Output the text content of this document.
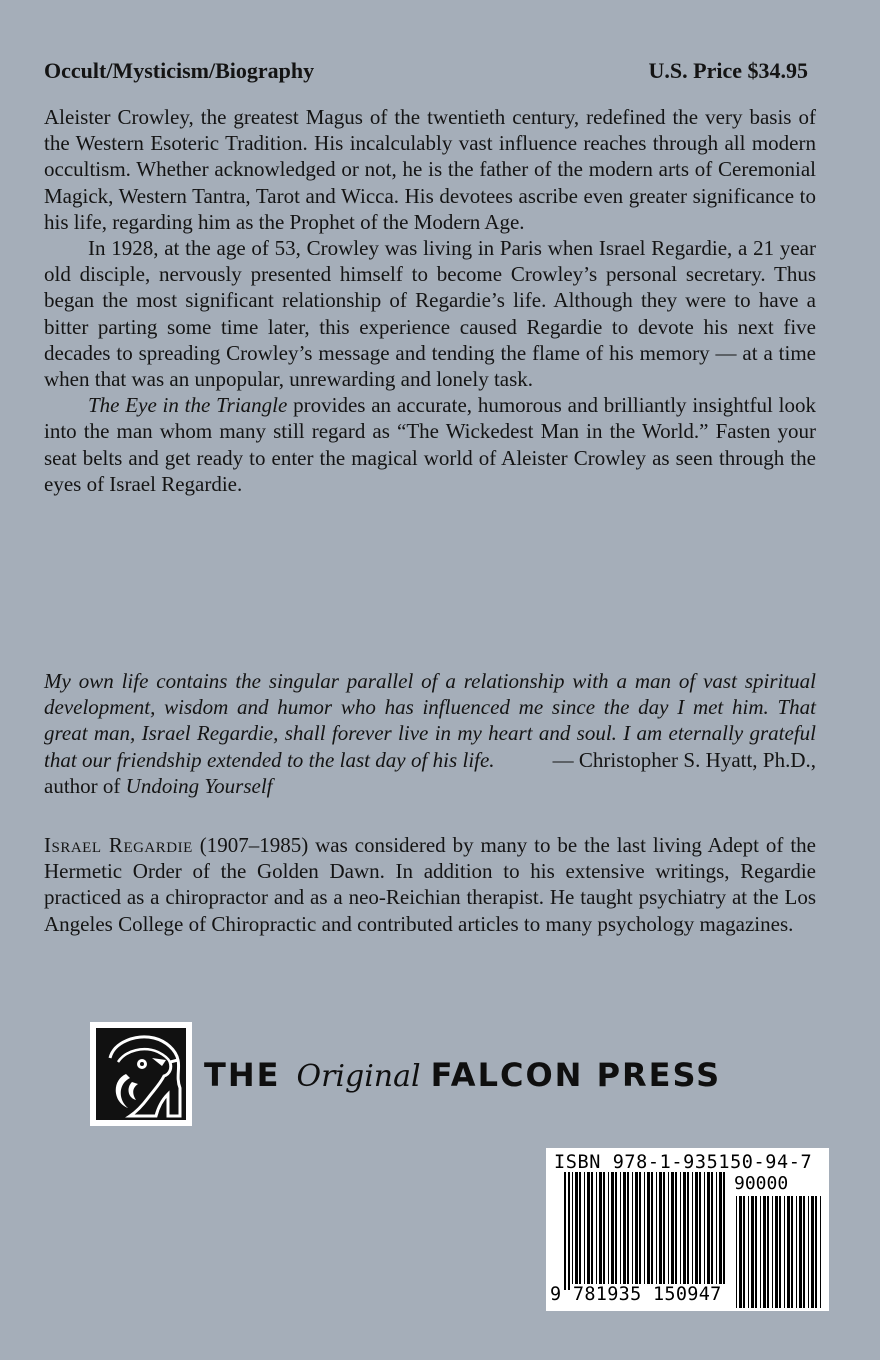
Occult/Mysticism/Biography	U.S. Price $34.95

Aleister Crowley, the greatest Magus of the twentieth century, redefined the very basis of the Western Esoteric Tradition. His incalculably vast influence reaches through all modern occultism. Whether acknowledged or not, he is the father of the modern arts of Ceremonial Magick, Western Tantra, Tarot and Wicca. His devotees ascribe even greater significance to his life, regarding him as the Prophet of the Modern Age.

In 1928, at the age of 53, Crowley was living in Paris when Israel Regardie, a 21 year old disciple, nervously presented himself to become Crowley’s personal secretary. Thus began the most significant relationship of Regardie’s life. Although they were to have a bitter parting some time later, this experience caused Regardie to devote his next five decades to spreading Crowley’s message and tending the flame of his memory — at a time when that was an unpopular, unrewarding and lonely task.

The Eye in the Triangle provides an accurate, humorous and brilliantly insightful look into the man whom many still regard as “The Wickedest Man in the World.” Fasten your seat belts and get ready to enter the magical world of Aleister Crowley as seen through the eyes of Israel Regardie.

My own life contains the singular parallel of a relationship with a man of vast spiritual development, wisdom and humor who has influenced me since the day I met him. That great man, Israel Regardie, shall forever live in my heart and soul. I am eternally grateful that our friendship extended to the last day of his life.	— Christopher S. Hyatt, Ph.D., author of Undoing Yourself
Israel Regardie (1907–1985) was considered by many to be the last living Adept of the Hermetic Order of the Golden Dawn. In addition to his extensive writings, Regardie practiced as a chiropractor and as a neo-Reichian therapist. He taught psychiatry at the Los Angeles College of Chiropractic and contributed articles to many psychology magazines.
THE Original FALCON PRESS
ISBN 978-1-935150-94-7
90000
9 781935 150947
